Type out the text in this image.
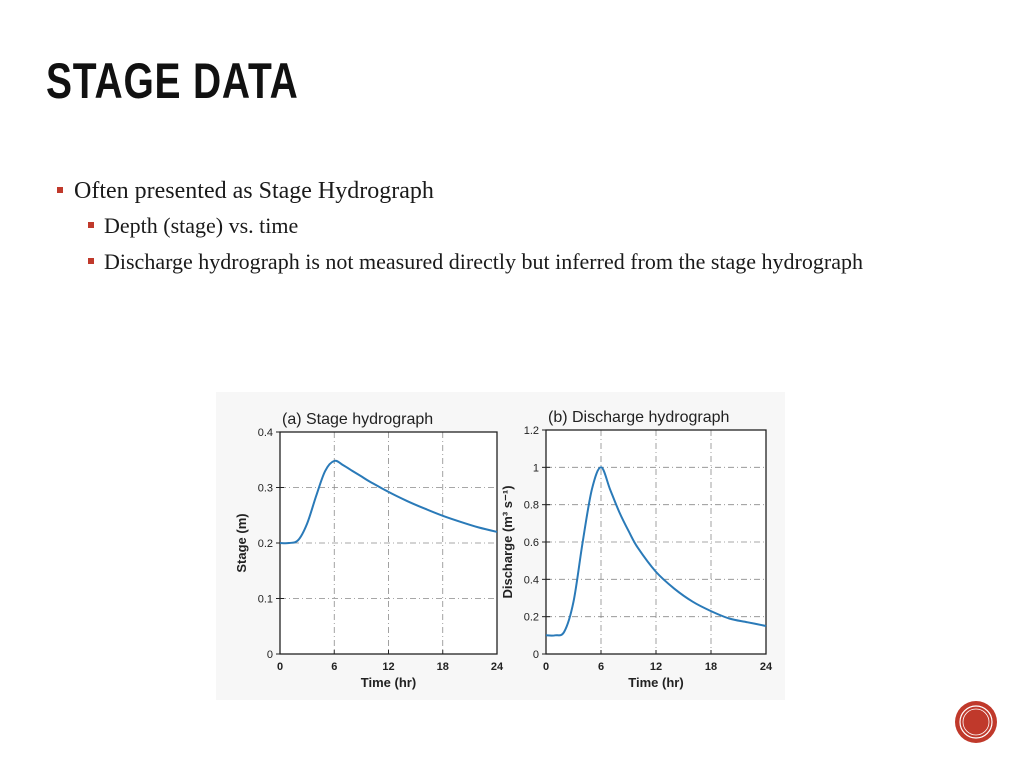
STAGE DATA
Often presented as Stage Hydrograph
Depth (stage) vs. time
Discharge hydrograph is not measured directly but inferred from the stage hydrograph
0	6	12	18	24
0
0.1
0.2
0.3
0.4
(a) Stage hydrograph
Time (hr)
Stage (m)
0	6	12	18	24
0
0.2
0.4
0.6
0.8
1
1.2
(b) Discharge hydrograph
Time (hr)
Discharge (m³ s⁻¹)
